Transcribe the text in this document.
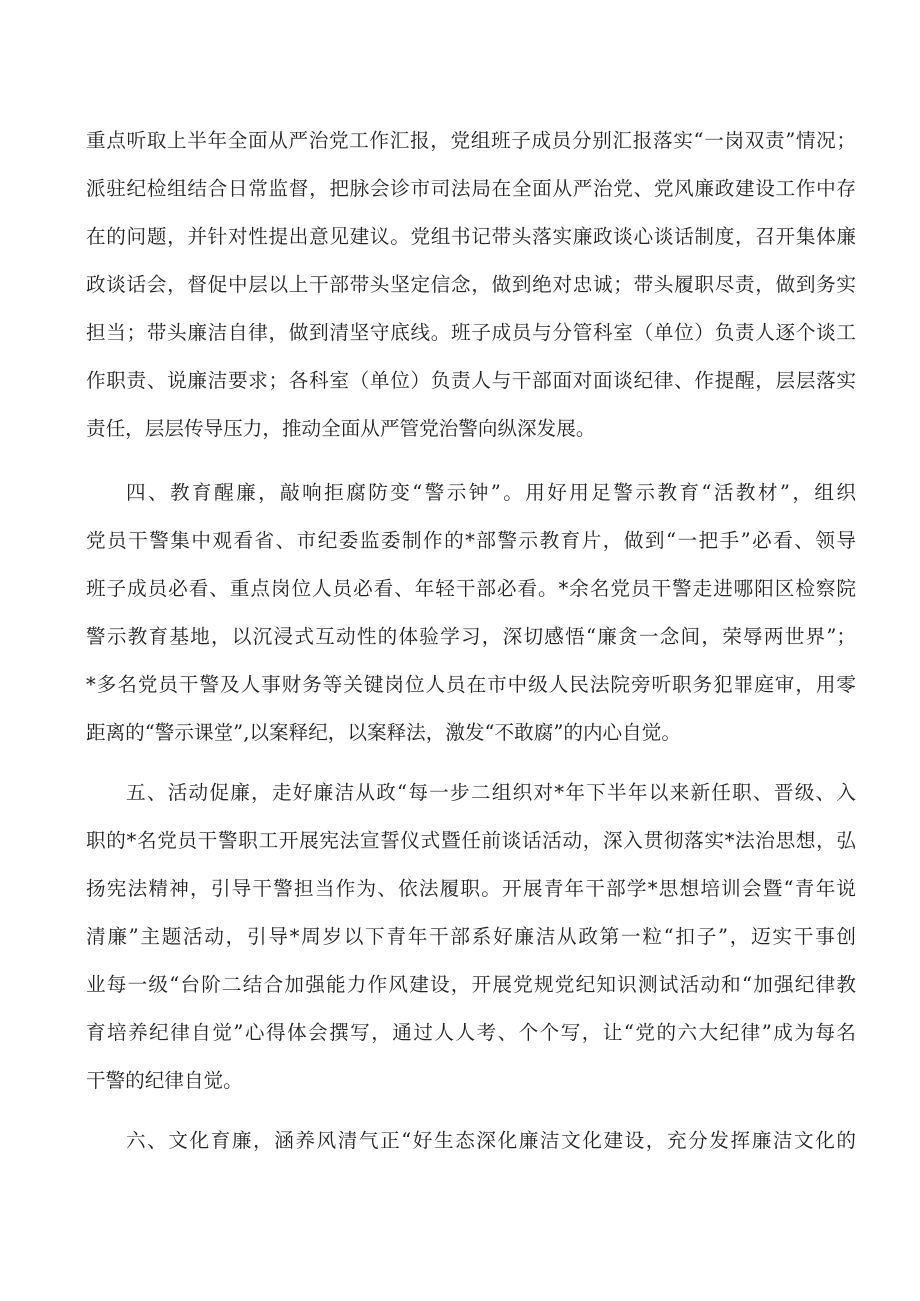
重点听取上半年全面从严治党工作汇报，党组班子成员分别汇报落实“一岗双责”情况；
派驻纪检组结合日常监督，把脉会诊市司法局在全面从严治党、党风廉政建设工作中存
在的问题，并针对性提出意见建议。党组书记带头落实廉政谈心谈话制度，召开集体廉
政谈话会，督促中层以上干部带头坚定信念，做到绝对忠诚；带头履职尽责，做到务实
担当；带头廉洁自律，做到清坚守底线。班子成员与分管科室（单位）负责人逐个谈工
作职责、说廉洁要求；各科室（单位）负责人与干部面对面谈纪律、作提醒，层层落实
责任，层层传导压力，推动全面从严管党治警向纵深发展。
四、教育醒廉，敲响拒腐防变“警示钟”。用好用足警示教育“活教材”，组织
党员干警集中观看省、市纪委监委制作的*部警示教育片，做到“一把手”必看、领导
班子成员必看、重点岗位人员必看、年轻干部必看。*余名党员干警走进哪阳区检察院
警示教育基地，以沉浸式互动性的体验学习，深切感悟“廉贪一念间，荣辱两世界”；
*多名党员干警及人事财务等关键岗位人员在市中级人民法院旁听职务犯罪庭审，用零
距离的“警示课堂”,以案释纪，以案释法，激发“不敢腐”的内心自觉。
五、活动促廉，走好廉洁从政“每一步二组织对*年下半年以来新任职、晋级、入
职的*名党员干警职工开展宪法宣誓仪式暨任前谈话活动，深入贯彻落实*法治思想，弘
扬宪法精神，引导干警担当作为、依法履职。开展青年干部学*思想培训会暨“青年说
清廉”主题活动，引导*周岁以下青年干部系好廉洁从政第一粒“扣子”，迈实干事创
业每一级“台阶二结合加强能力作风建设，开展党规党纪知识测试活动和“加强纪律教
育培养纪律自觉”心得体会撰写，通过人人考、个个写，让“党的六大纪律”成为每名
干警的纪律自觉。
六、文化育廉，涵养风清气正“好生态深化廉洁文化建设，充分发挥廉洁文化的
